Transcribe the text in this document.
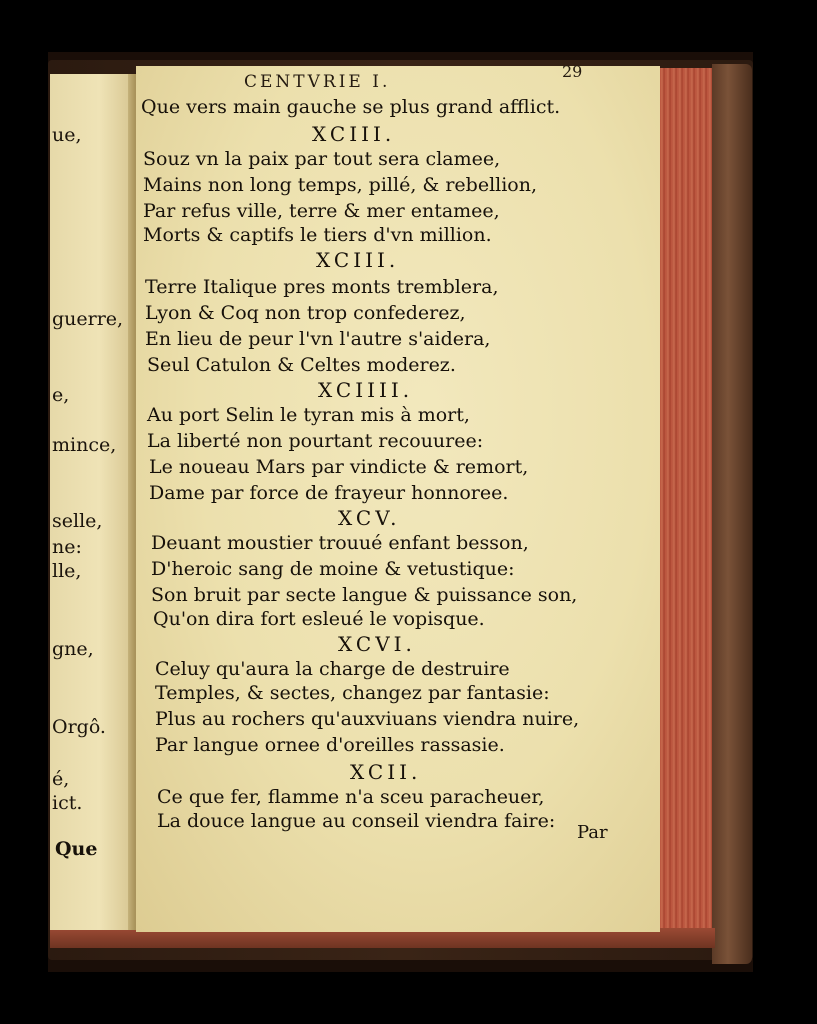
ue,
guerre,
e,
mince,
selle,
ne:
lle,
gne,
Orgô.
é,
ict.
Que
CENTVRIE I.
29
Que vers main gauche se plus grand afflict.
XCIII.
Souz vn la paix par tout sera clamee,
Mains non long temps, pillé, & rebellion,
Par refus ville, terre & mer entamee,
Morts & captifs le tiers d'vn million.
XCIII.
Terre Italique pres monts tremblera,
Lyon & Coq non trop confederez,
En lieu de peur l'vn l'autre s'aidera,
Seul Catulon & Celtes moderez.
XCIIII.
Au port Selin le tyran mis à mort,
La liberté non pourtant recouuree:
Le noueau Mars par vindicte & remort,
Dame par force de frayeur honnoree.
XCV.
Deuant moustier trouué enfant besson,
D'heroic sang de moine & vetustique:
Son bruit par secte langue & puissance son,
Qu'on dira fort esleué le vopisque.
XCVI.
Celuy qu'aura la charge de destruire
Temples, & sectes, changez par fantasie:
Plus au rochers qu'auxviuans viendra nuire,
Par langue ornee d'oreilles rassasie.
XCII.
Ce que fer, flamme n'a sceu paracheuer,
La douce langue au conseil viendra faire:
Par
